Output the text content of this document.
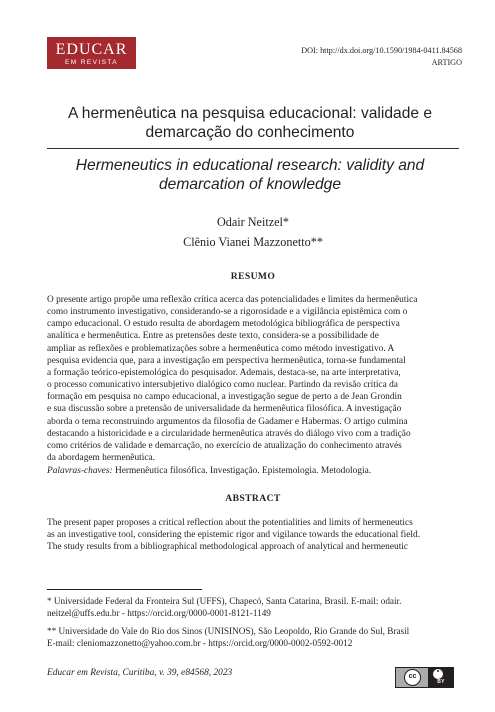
EDUCAR
EM REVISTA
DOI: http://dx.doi.org/10.1590/1984-0411.84568
ARTIGO
A hermenêutica na pesquisa educacional: validade e
demarcação do conhecimento
Hermeneutics in educational research: validity and
demarcation of knowledge
Odair Neitzel*
Clênio Vianei Mazzonetto**
RESUMO
O presente artigo propõe uma reflexão crítica acerca das potencialidades e limites da hermenêutica
como instrumento investigativo, considerando-se a rigorosidade e a vigilância epistêmica com o
campo educacional. O estudo resulta de abordagem metodológica bibliográfica de perspectiva
analítica e hermenêutica. Entre as pretensões deste texto, considera-se a possibilidade de
ampliar as reflexões e problematizações sobre a hermenêutica como método investigativo. A
pesquisa evidencia que, para a investigação em perspectiva hermenêutica, torna-se fundamental
a formação teórico-epistemológica do pesquisador. Ademais, destaca-se, na arte interpretativa,
o processo comunicativo intersubjetivo dialógico como nuclear. Partindo da revisão crítica da
formação em pesquisa no campo educacional, a investigação segue de perto a de Jean Grondin
e sua discussão sobre a pretensão de universalidade da hermenêutica filosófica. A investigação
aborda o tema reconstruindo argumentos da filosofia de Gadamer e Habermas. O artigo culmina
destacando a historicidade e a circularidade hermenêutica através do diálogo vivo com a tradição
como critérios de validade e demarcação, no exercício de atualização do conhecimento através
da abordagem hermenêutica.
Palavras-chaves: Hermenêutica filosófica. Investigação. Epistemologia. Metodologia.
ABSTRACT
The present paper proposes a critical reflection about the potentialities and limits of hermeneutics
as an investigative tool, considering the epistemic rigor and vigilance towards the educational field.
The study results from a bibliographical methodological approach of analytical and hermeneutic
* Universidade Federal da Fronteira Sul (UFFS), Chapecó, Santa Catarina, Brasil. E-mail: odair.
neitzel@uffs.edu.br - https://orcid.org/0000-0001-8121-1149
** Universidade do Vale do Rio dos Sinos (UNISINOS), São Leopoldo, Rio Grande do Sul, Brasil
E-mail: cleniomazzonetto@yahoo.com.br - https://orcid.org/0000-0002-0592-0012
Educar em Revista, Curitiba, v. 39, e84568, 2023	cc
BY
